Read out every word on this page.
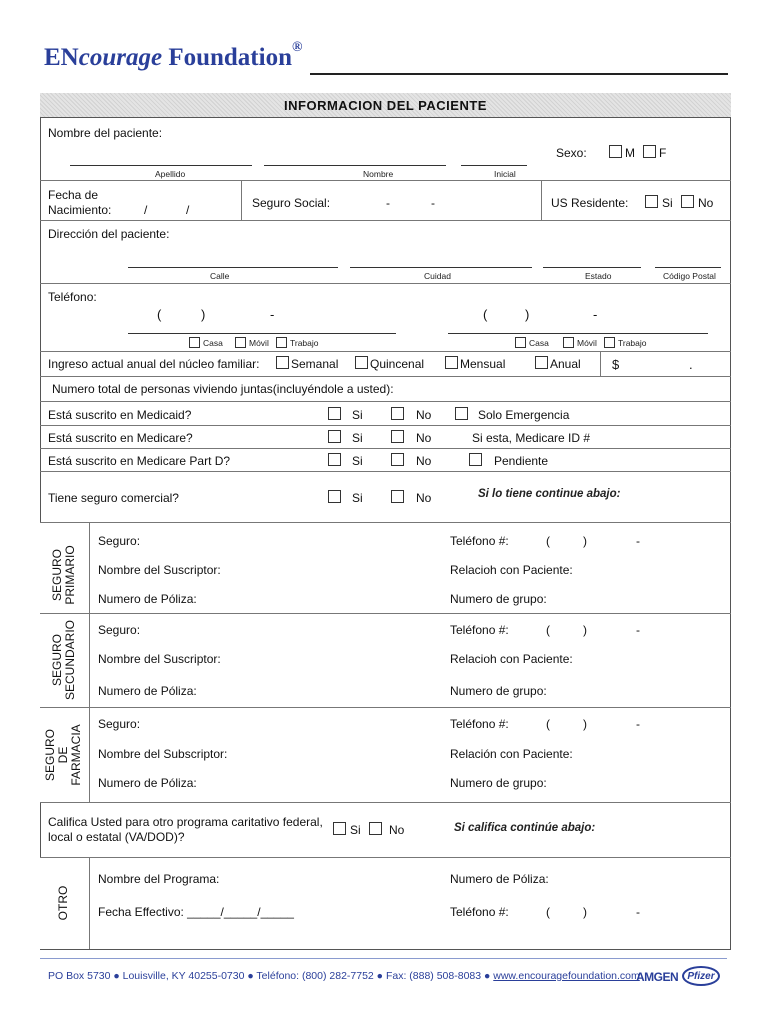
ENcourage Foundation®
INFORMACION DEL PACIENTE
Nombre del paciente:
Sexo:	M F
Apellido	Nombre	Inicial
Fecha de
Nacimiento:	/	/	Seguro Social:	-	-	US Residente:	Si No
Dirección del paciente:
Calle	Cuidad	Estado	Código Postal
Teléfono:
(	)	-
Casa	Móvil Trabajo
(	)	-
Casa	Móvil Trabajo
Ingreso actual anual del núcleo familiar:	Semanal	Quincenal	Mensual	Anual $	.
Numero total de personas viviendo juntas(incluyéndole a usted):
Está suscrito en Medicaid?	Si	No	Solo Emergencia
Está suscrito en Medicare?	Si	No	Si esta, Medicare ID #
Está suscrito en Medicare Part D?	Si	No	Pendiente
Tiene seguro comercial?	Si	No	Si lo tiene continue abajo:
SEGURO
PRIMARIO
Seguro:	Teléfono #:	(	)	-
Nombre del Suscriptor:	Relacioh con Paciente:
Numero de Póliza:	Numero de grupo:
SEGURO
SECUNDARIO Seguro:	Teléfono #:	(	)	-
Nombre del Suscriptor:	Relacioh con Paciente:
Numero de Póliza:	Numero de grupo:
SEGURO
DE
FARMACIA
Seguro:	Teléfono #:	(	)	-
Nombre del Subscriptor:	Relación con Paciente:
Numero de Póliza:	Numero de grupo:
Califica Usted para otro programa caritativo federal,
local o estatal (VA/DOD)?	Si No	Si califica continúe abajo:
OTRO
Nombre del Programa:	Numero de Póliza:
Fecha Effectivo: _____/_____/_____	Teléfono #:	(	)	-
PO Box 5730 ● Louisville, KY 40255-0730 ● Teléfono: (800) 282-7752 ● Fax: (888) 508-8083 ● www.encouragefoundation.com
AMGEN Pfizer
